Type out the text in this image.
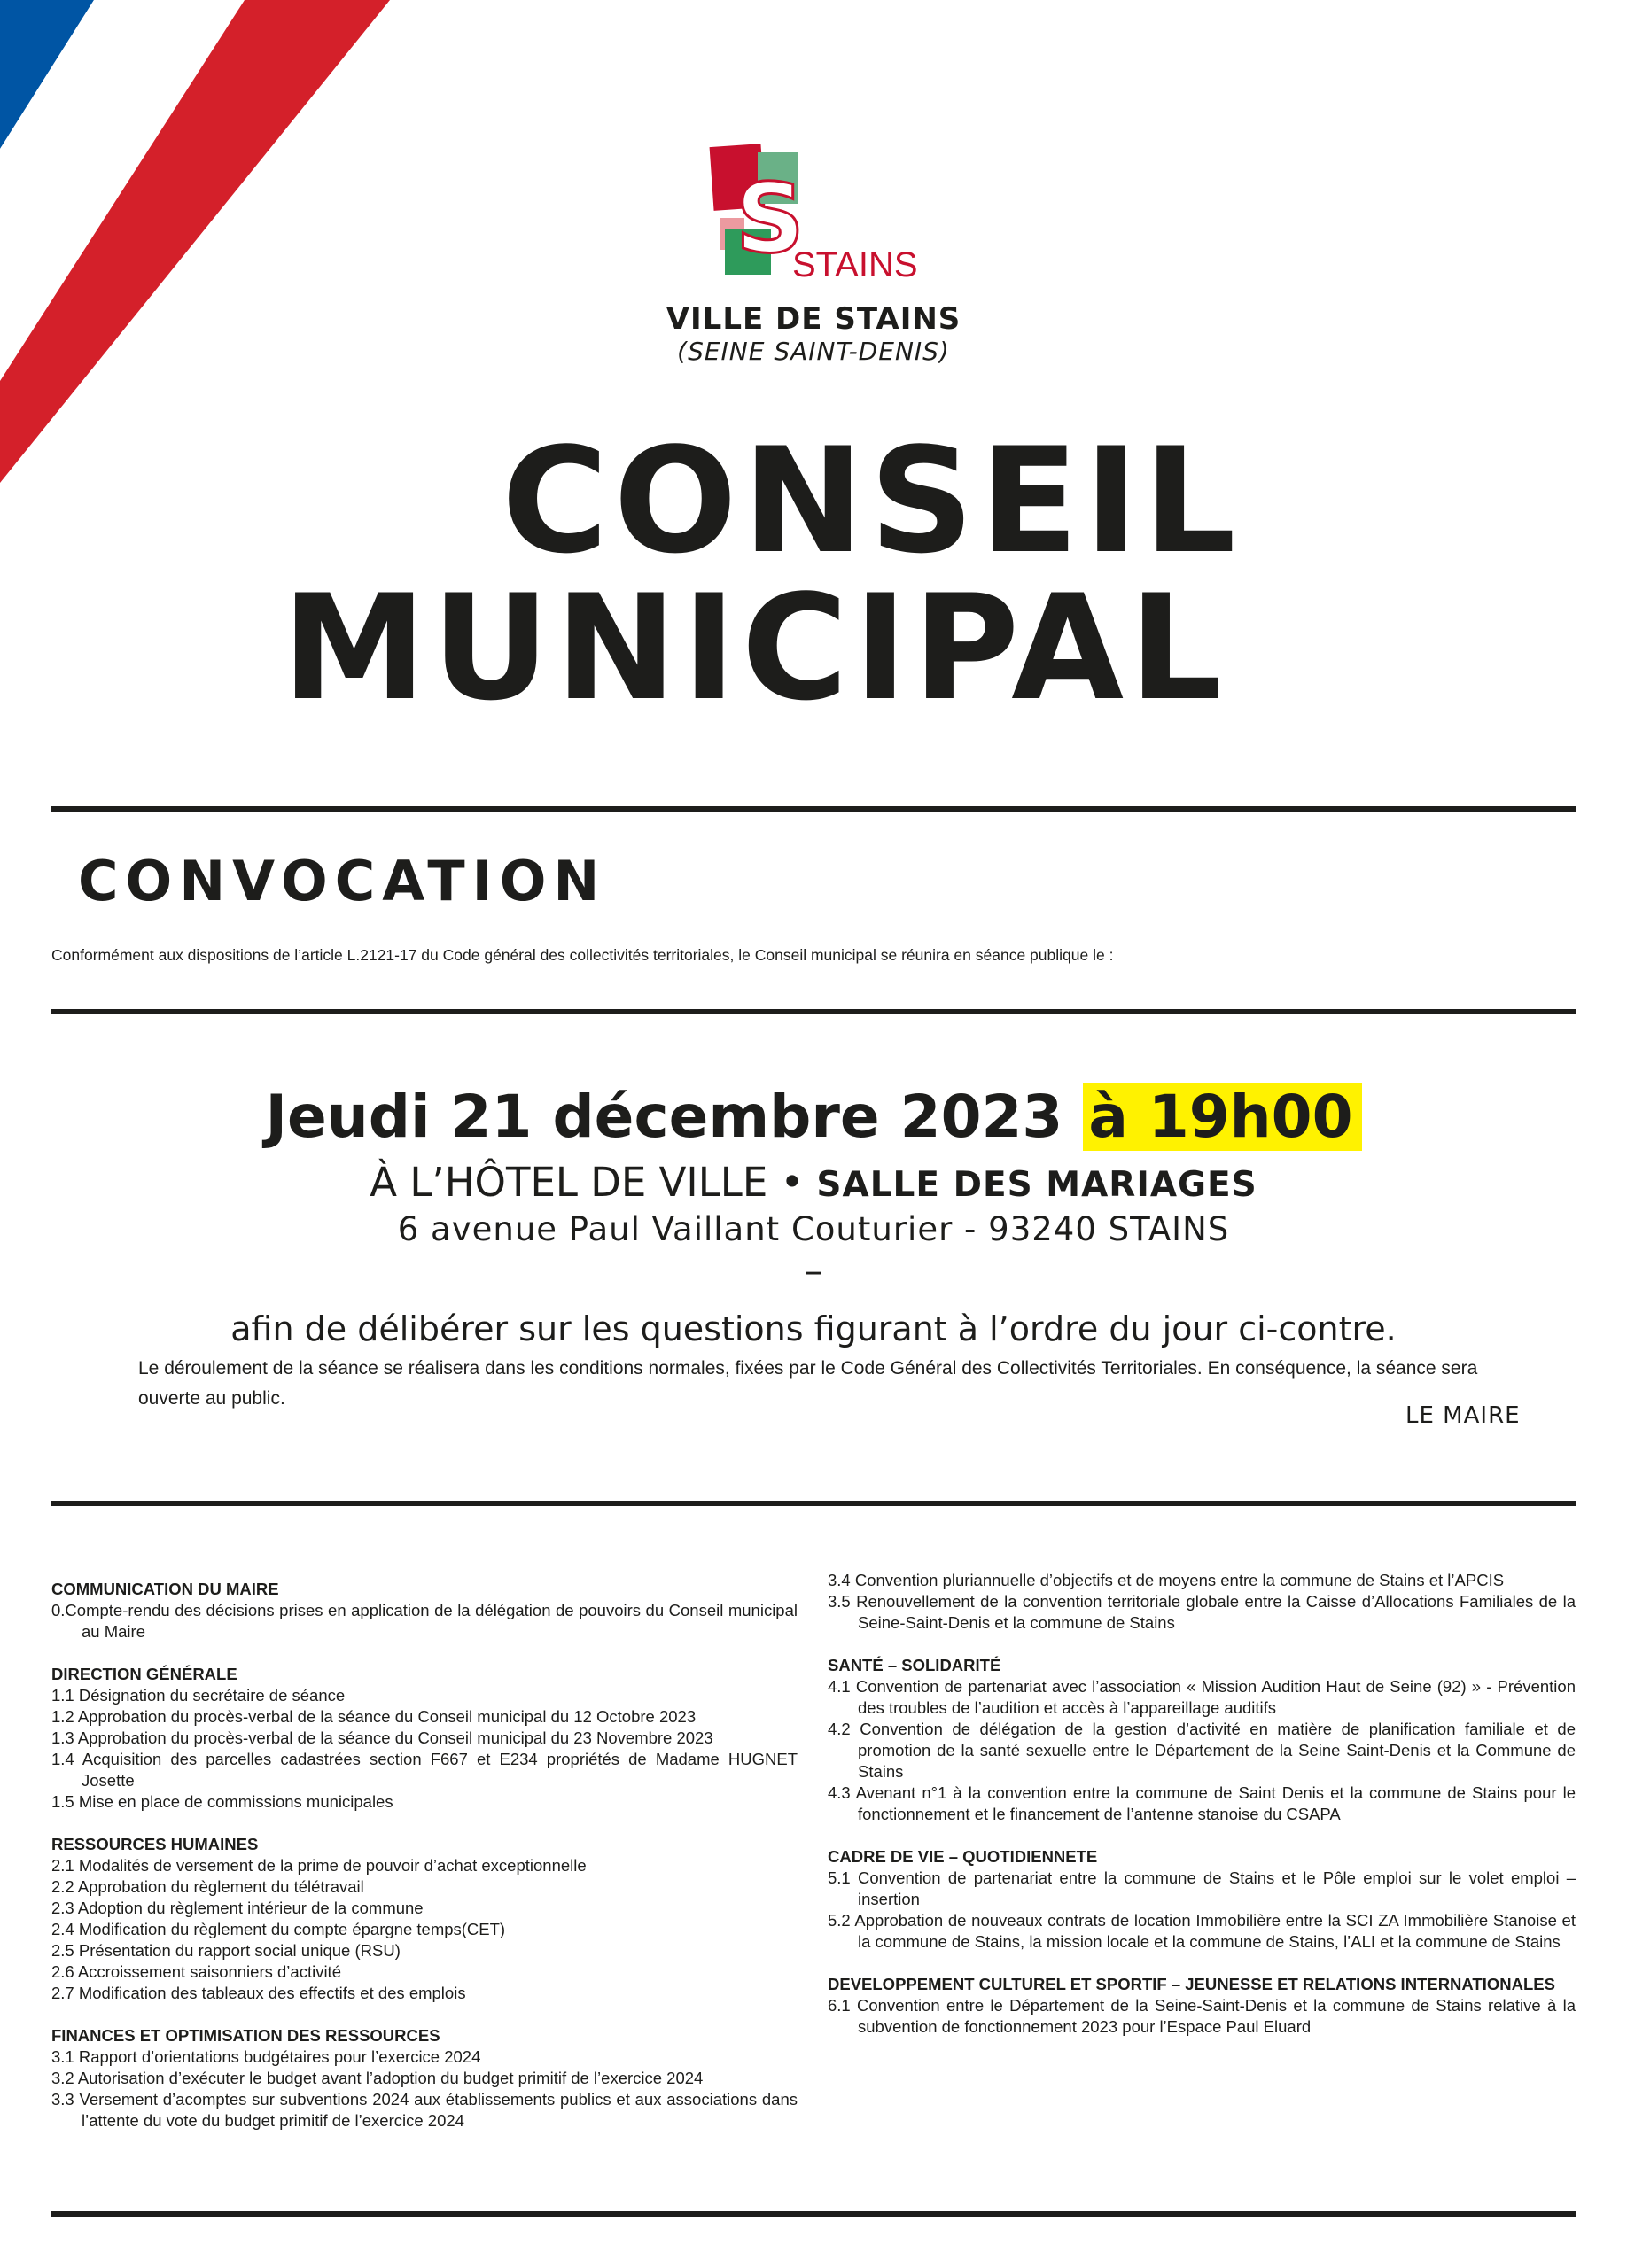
S
STAINS
VILLE DE STAINS
(SEINE SAINT-DENIS)
CONSEIL
MUNICIPAL
CONVOCATION
Conformément aux dispositions de l’article L.2121-17 du Code général des collectivités territoriales, le Conseil municipal se réunira en séance publique le :
Jeudi 21 décembre 2023 à 19h00
À L’HÔTEL DE VILLE • SALLE DES MARIAGES
6 avenue Paul Vaillant Couturier - 93240 STAINS
–
afin de délibérer sur les questions figurant à l’ordre du jour ci-contre.
Le déroulement de la séance se réalisera dans les conditions normales, fixées par le Code Général des Collectivités Territoriales. En conséquence, la séance sera ouverte au public.
LE MAIRE
COMMUNICATION DU MAIRE
0.Compte-rendu des décisions prises en application de la délégation de pouvoirs du Conseil municipal au Maire
DIRECTION GÉNÉRALE
1.1 Désignation du secrétaire de séance
1.2 Approbation du procès-verbal de la séance du Conseil municipal du 12 Octobre 2023
1.3 Approbation du procès-verbal de la séance du Conseil municipal du 23 Novembre 2023
1.4 Acquisition des parcelles cadastrées section F667 et E234 propriétés de Madame HUGNET Josette
1.5 Mise en place de commissions municipales
RESSOURCES HUMAINES
2.1 Modalités de versement de la prime de pouvoir d’achat exceptionnelle
2.2 Approbation du règlement du télétravail
2.3 Adoption du règlement intérieur de la commune
2.4 Modification du règlement du compte épargne temps(CET)
2.5 Présentation du rapport social unique (RSU)
2.6 Accroissement saisonniers d’activité
2.7 Modification des tableaux des effectifs et des emplois
FINANCES ET OPTIMISATION DES RESSOURCES
3.1 Rapport d’orientations budgétaires pour l’exercice 2024
3.2 Autorisation d’exécuter le budget avant l’adoption du budget primitif de l’exercice 2024
3.3 Versement d’acomptes sur subventions 2024 aux établissements publics et aux associations dans l’attente du vote du budget primitif de l’exercice 2024
3.4 Convention pluriannuelle d’objectifs et de moyens entre la commune de Stains et l’APCIS
3.5 Renouvellement de la convention territoriale globale entre la Caisse d’Allocations Familiales de la Seine-Saint-Denis et la commune de Stains
SANTÉ – SOLIDARITÉ
4.1 Convention de partenariat avec l’association « Mission Audition Haut de Seine (92) » - Prévention des troubles de l’audition et accès à l’appareillage auditifs
4.2 Convention de délégation de la gestion d’activité en matière de planification familiale et de promotion de la santé sexuelle entre le Département de la Seine Saint-Denis et la Commune de Stains
4.3 Avenant n°1 à la convention entre la commune de Saint Denis et la commune de Stains pour le fonctionnement et le financement de l’antenne stanoise du CSAPA
CADRE DE VIE – QUOTIDIENNETE
5.1 Convention de partenariat entre la commune de Stains et le Pôle emploi sur le volet emploi – insertion
5.2 Approbation de nouveaux contrats de location Immobilière entre la SCI ZA Immobilière Stanoise et la commune de Stains, la mission locale et la commune de Stains, l’ALI et la commune de Stains
DEVELOPPEMENT CULTUREL ET SPORTIF – JEUNESSE ET RELATIONS INTERNATIONALES
6.1 Convention entre le Département de la Seine-Saint-Denis et la commune de Stains relative à la subvention de fonctionnement 2023 pour l’Espace Paul Eluard
